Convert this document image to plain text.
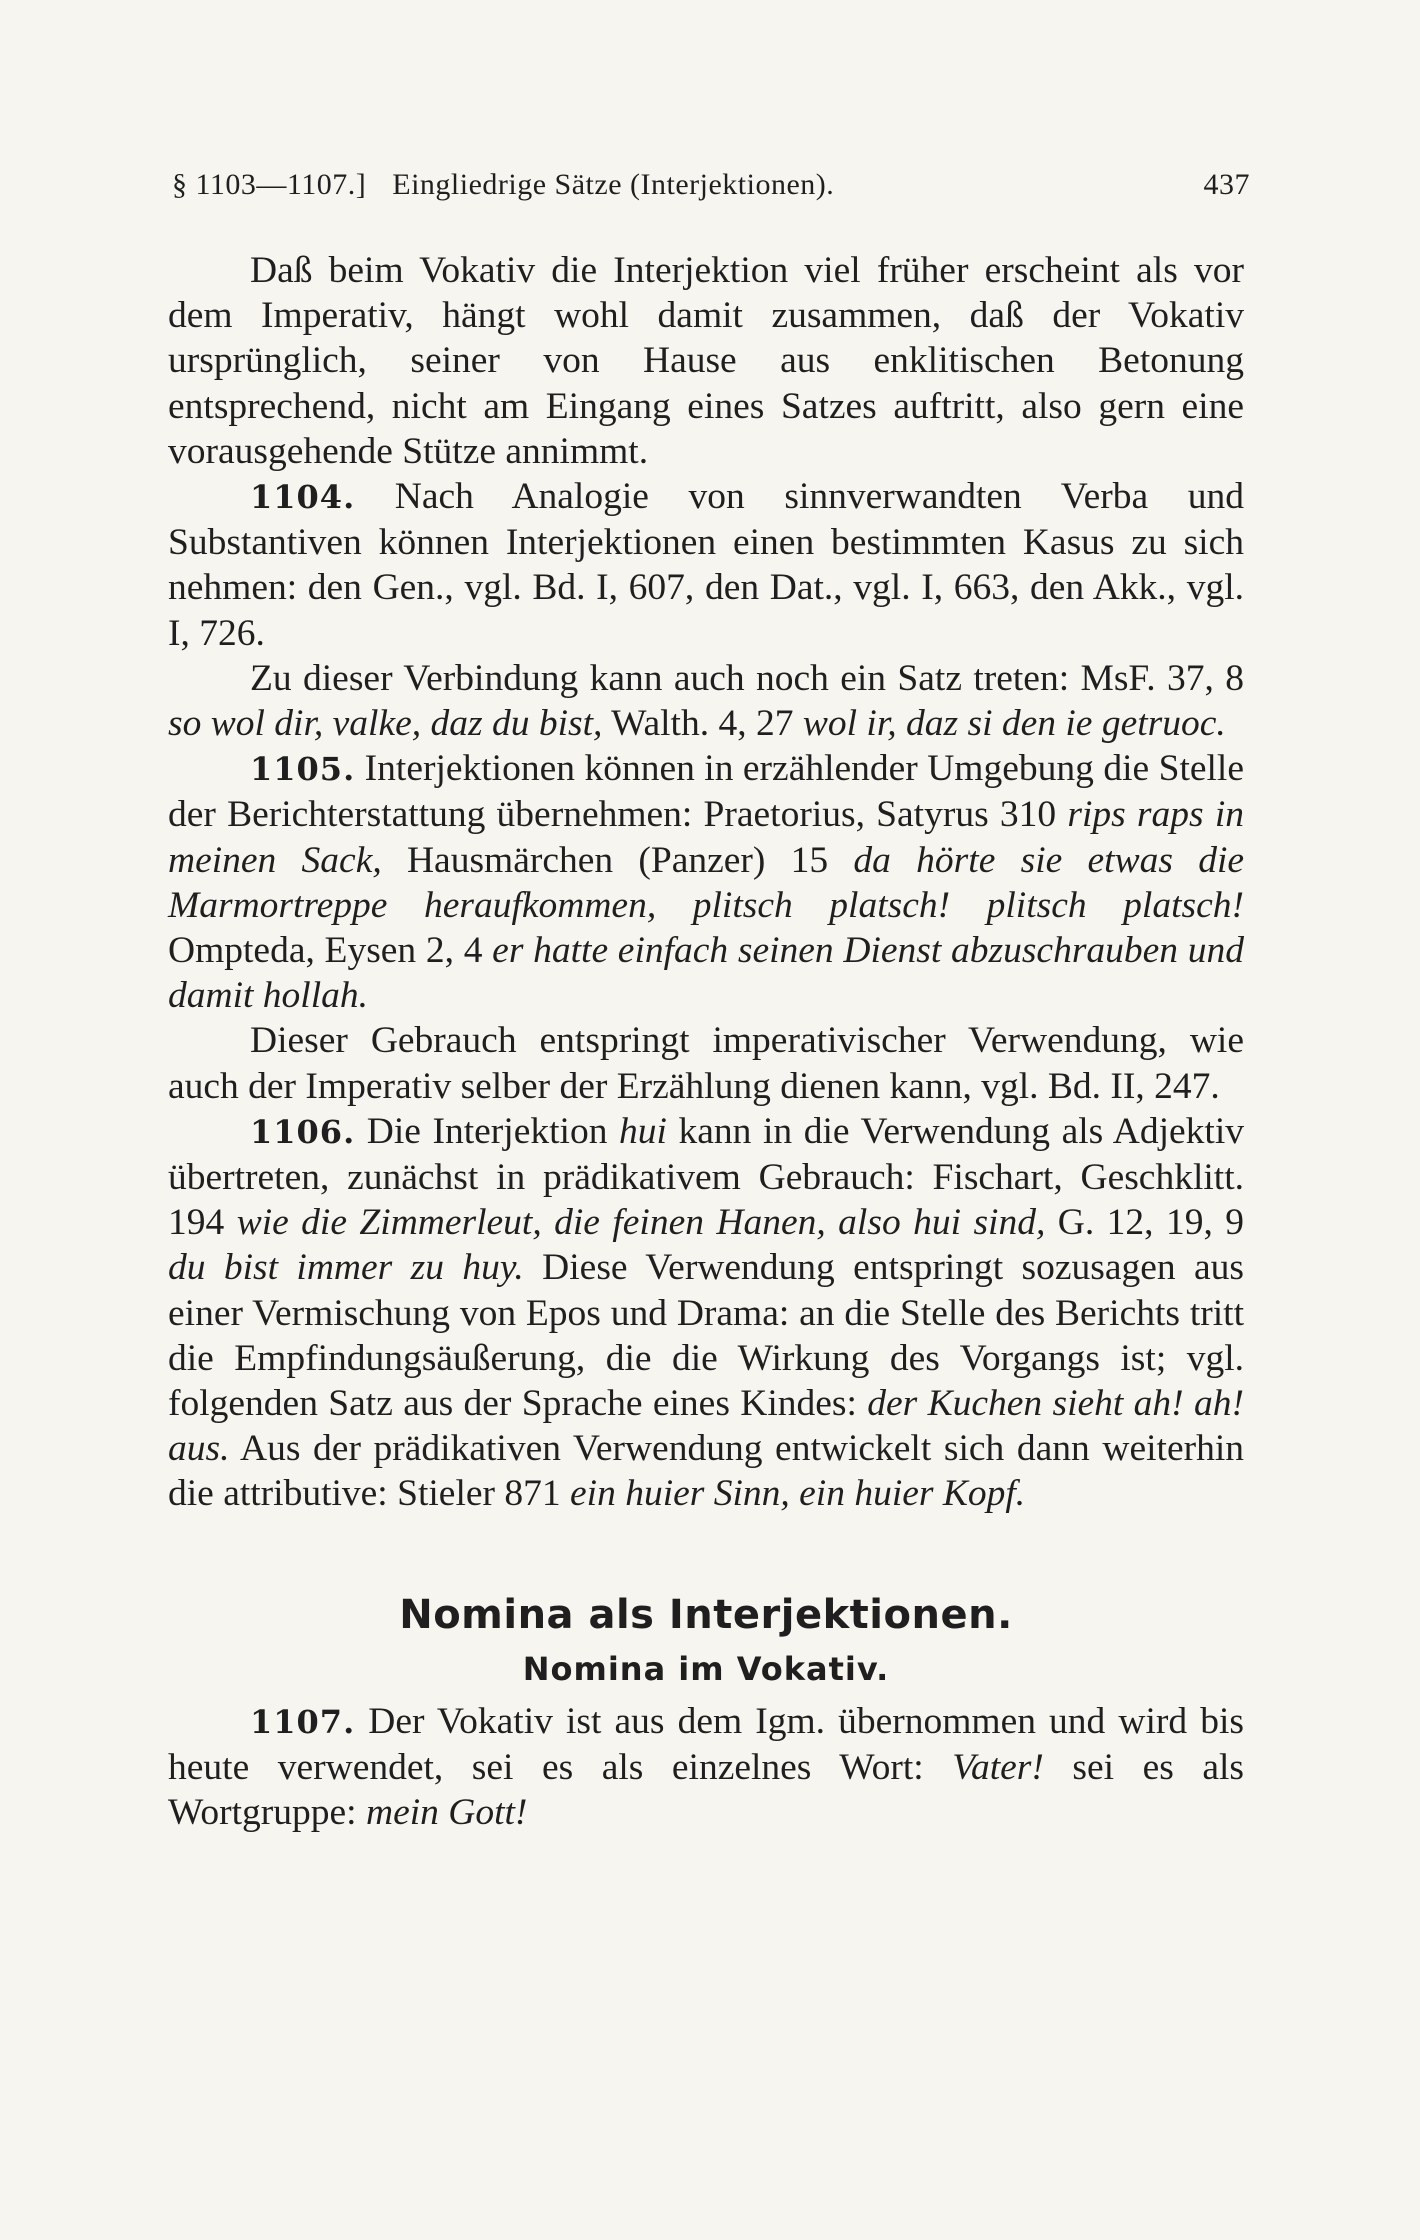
§ 1103—1107.] Eingliedrige Sätze (Interjektionen).	437

Daß beim Vokativ die Interjektion viel früher erscheint als vor dem Imperativ, hängt wohl damit zusammen, daß der Vokativ ursprünglich, seiner von Hause aus enklitischen Betonung entsprechend, nicht am Eingang eines Satzes auftritt, also gern eine vorausgehende Stütze annimmt.

1104. Nach Analogie von sinnverwandten Verba und Substantiven können Interjektionen einen bestimmten Kasus zu sich nehmen: den Gen., vgl. Bd. I, 607, den Dat., vgl. I, 663, den Akk., vgl. I, 726.

Zu dieser Verbindung kann auch noch ein Satz treten: MsF. 37, 8 so wol dir, valke, daz du bist, Walth. 4, 27 wol ir, daz si den ie getruoc.

1105. Interjektionen können in erzählender Umgebung die Stelle der Berichterstattung übernehmen: Praetorius, Satyrus 310 rips raps in meinen Sack, Hausmärchen (Panzer) 15 da hörte sie etwas die Marmortreppe heraufkommen, plitsch platsch! plitsch platsch! Ompteda, Eysen 2, 4 er hatte einfach seinen Dienst abzuschrauben und damit hollah.

Dieser Gebrauch entspringt imperativischer Verwendung, wie auch der Imperativ selber der Erzählung dienen kann, vgl. Bd. II, 247.

1106. Die Interjektion hui kann in die Verwendung als Adjektiv übertreten, zunächst in prädikativem Gebrauch: Fischart, Geschklitt. 194 wie die Zimmerleut, die feinen Hanen, also hui sind, G. 12, 19, 9 du bist immer zu huy. Diese Verwendung entspringt sozusagen aus einer Vermischung von Epos und Drama: an die Stelle des Berichts tritt die Empfindungsäußerung, die die Wirkung des Vorgangs ist; vgl. folgenden Satz aus der Sprache eines Kindes: der Kuchen sieht ah! ah! aus. Aus der prädikativen Verwendung entwickelt sich dann weiterhin die attributive: Stieler 871 ein huier Sinn, ein huier Kopf.

Nomina als Interjektionen.
Nomina im Vokativ.

1107. Der Vokativ ist aus dem Igm. übernommen und wird bis heute verwendet, sei es als einzelnes Wort: Vater! sei es als Wortgruppe: mein Gott!
